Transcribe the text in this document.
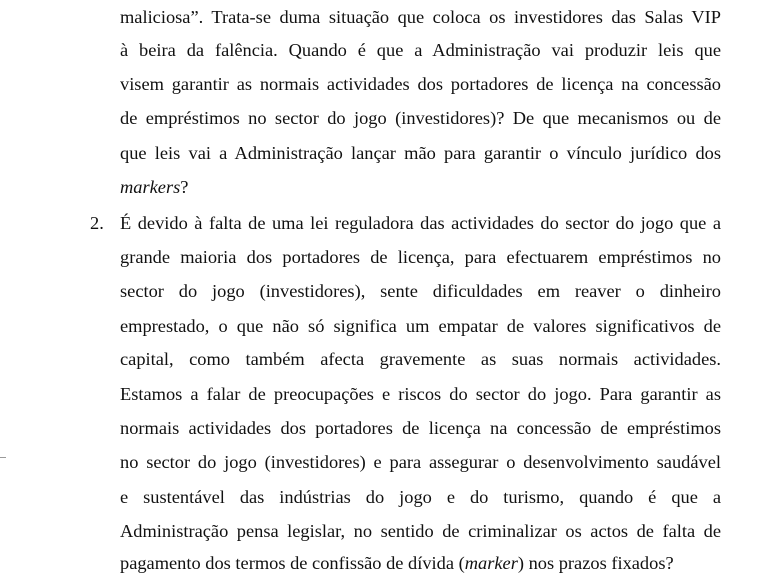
maliciosa”. Trata-se duma situação que coloca os investidores das Salas VIP
à beira da falência. Quando é que a Administração vai produzir leis que
visem garantir as normais actividades dos portadores de licença na concessão
de empréstimos no sector do jogo (investidores)? De que mecanismos ou de
que leis vai a Administração lançar mão para garantir o vínculo jurídico dos
markers?
2. É devido à falta de uma lei reguladora das actividades do sector do jogo que a
grande maioria dos portadores de licença, para efectuarem empréstimos no
sector do jogo (investidores), sente dificuldades em reaver o dinheiro
emprestado, o que não só significa um empatar de valores significativos de
capital, como também afecta gravemente as suas normais actividades.
Estamos a falar de preocupações e riscos do sector do jogo. Para garantir as
normais actividades dos portadores de licença na concessão de empréstimos
no sector do jogo (investidores) e para assegurar o desenvolvimento saudável
e sustentável das indústrias do jogo e do turismo, quando é que a
Administração pensa legislar, no sentido de criminalizar os actos de falta de
pagamento dos termos de confissão de dívida (marker) nos prazos fixados?
